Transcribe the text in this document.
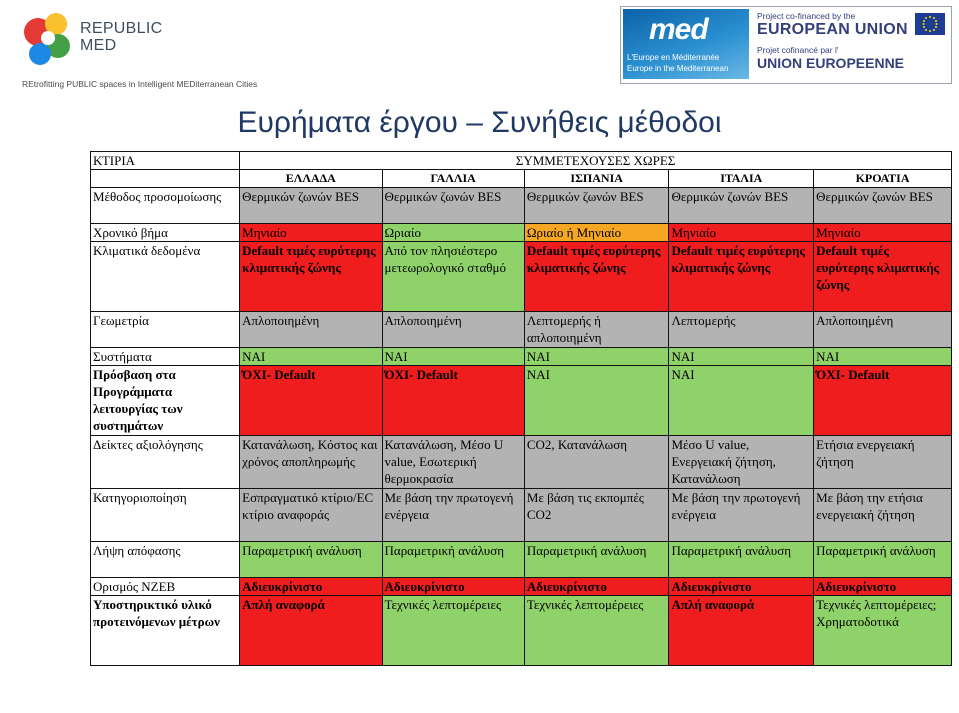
REPUBLIC
MED
REtrofitting PUBLIC spaces in Intelligent MEDiterranean Cities
med
L'Europe en Méditerranée
Europe in the Mediterranean
Project co-financed by the
EUROPEAN UNION
Projet cofinancé par l'
UNION EUROPEENNE
Ευρήματα έργου – Συνήθεις μέθοδοι
ΚΤΙΡΙΑ	ΣΥΜΜΕΤΕΧΟΥΣΕΣ ΧΩΡΕΣ				
	ΕΛΛΑΔΑ	ΓΑΛΛΙΑ	ΙΣΠΑΝΙΑ	ΙΤΑΛΙΑ	ΚΡΟΑΤΙΑ
Μέθοδος προσομοίωσης	Θερμικών ζωνών BES	Θερμικών ζωνών BES	Θερμικών ζωνών BES	Θερμικών ζωνών BES	Θερμικών ζωνών BES
Χρονικό βήμα	Μηνιαίο	Ωριαίο	Ωριαίο ή Μηνιαίο	Μηνιαίο	Μηνιαίο
Κλιματικά δεδομένα	Default τιμές ευρύτερης κλιματικής ζώνης	Από τον πλησιέστερο μετεωρολογικό σταθμό	Default τιμές ευρύτερης κλιματικής ζώνης	Default τιμές ευρύτερης κλιματικής ζώνης	Default τιμές ευρύτερης κλιματικής ζώνης
Γεωμετρία	Απλοποιημένη	Απλοποιημένη	Λεπτομερής ή απλοποιημένη	Λεπτομερής	Απλοποιημένη
Συστήματα	ΝΑΙ	ΝΑΙ	ΝΑΙ	ΝΑΙ	ΝΑΙ
Πρόσβαση στα Προγράμματα λειτουργίας των συστημάτων	ΌΧΙ- Default	ΌΧΙ- Default	ΝΑΙ	ΝΑΙ	ΌΧΙ- Default
Δείκτες αξιολόγησης	Κατανάλωση, Κόστος και χρόνος αποπληρωμής	Κατανάλωση, Μέσο U value, Εσωτερική θερμοκρασία	CO2, Κατανάλωση	Μέσο U value, Ενεργειακή ζήτηση, Κατανάλωση	Ετήσια ενεργειακή ζήτηση
Κατηγοριοποίηση	Εσπραγματικό κτίριο/EC κτίριο αναφοράς	Με βάση την πρωτογενή ενέργεια	Με βάση τις εκπομπές CO2	Με βάση την πρωτογενή ενέργεια	Με βάση την ετήσια ενεργειακή ζήτηση
Λήψη απόφασης	Παραμετρική ανάλυση	Παραμετρική ανάλυση	Παραμετρική ανάλυση	Παραμετρική ανάλυση	Παραμετρική ανάλυση
Ορισμός NZEB	Αδιευκρίνιστο	Αδιευκρίνιστο	Αδιευκρίνιστο	Αδιευκρίνιστο	Αδιευκρίνιστο
Υποστηρικτικό υλικό προτεινόμενων μέτρων	Απλή αναφορά	Τεχνικές λεπτομέρειες	Τεχνικές λεπτομέρειες	Απλή αναφορά	Τεχνικές λεπτομέρειες; Χρηματοδοτικά
